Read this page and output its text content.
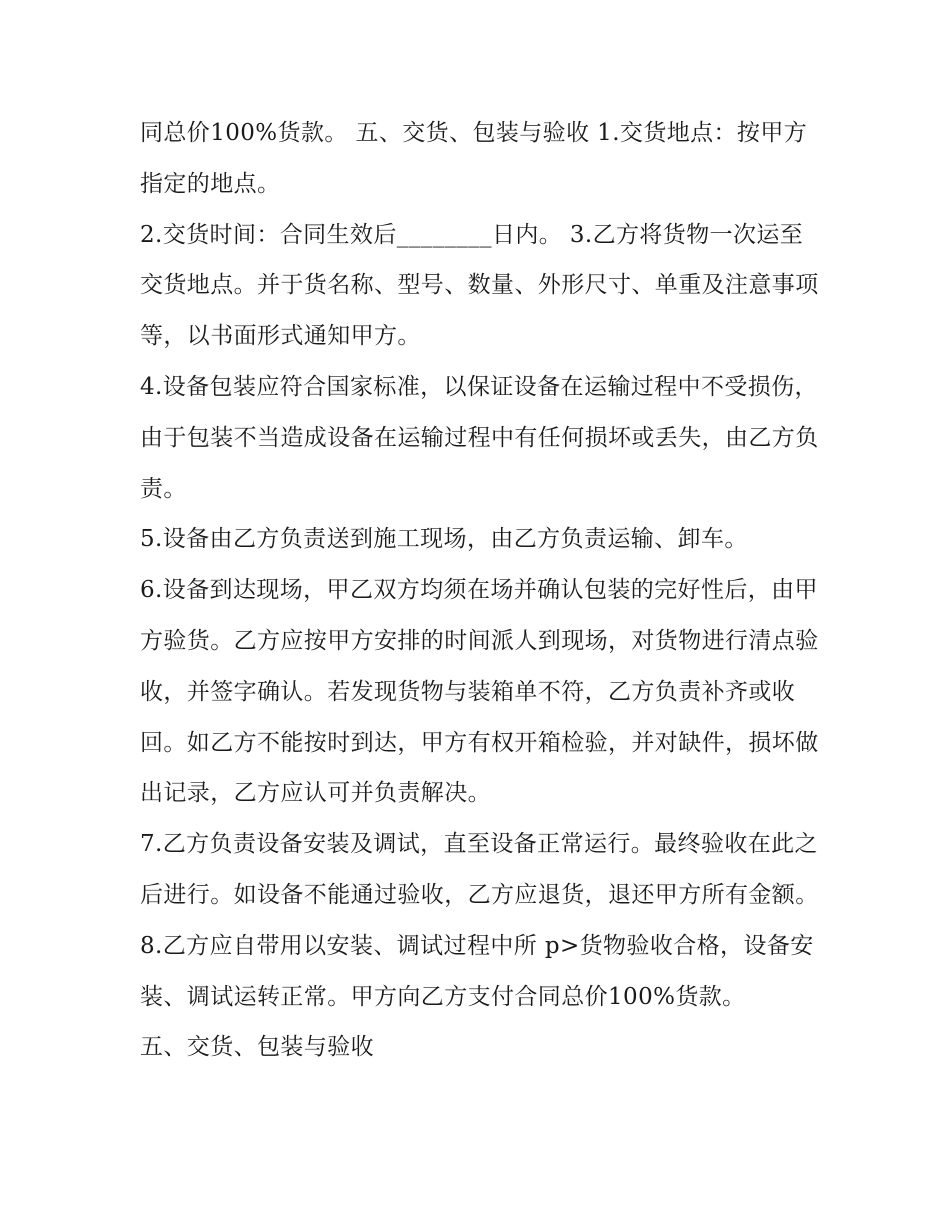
同总价100%货款。 五、交货、包装与验收 1.交货地点：按甲方指定的地点。

2.交货时间：合同生效后________日内。 3.乙方将货物一次运至交货地点。并于货名称、型号、数量、外形尺寸、单重及注意事项等，以书面形式通知甲方。

4.设备包装应符合国家标准，以保证设备在运输过程中不受损伤，由于包装不当造成设备在运输过程中有任何损坏或丢失，由乙方负责。

5.设备由乙方负责送到施工现场，由乙方负责运输、卸车。

6.设备到达现场，甲乙双方均须在场并确认包装的完好性后，由甲方验货。乙方应按甲方安排的时间派人到现场，对货物进行清点验收，并签字确认。若发现货物与装箱单不符，乙方负责补齐或收回。如乙方不能按时到达，甲方有权开箱检验，并对缺件，损坏做出记录，乙方应认可并负责解决。

7.乙方负责设备安装及调试，直至设备正常运行。最终验收在此之后进行。如设备不能通过验收，乙方应退货，退还甲方所有金额。

8.乙方应自带用以安装、调试过程中所 p>货物验收合格，设备安装、调试运转正常。甲方向乙方支付合同总价100%货款。

五、交货、包装与验收
